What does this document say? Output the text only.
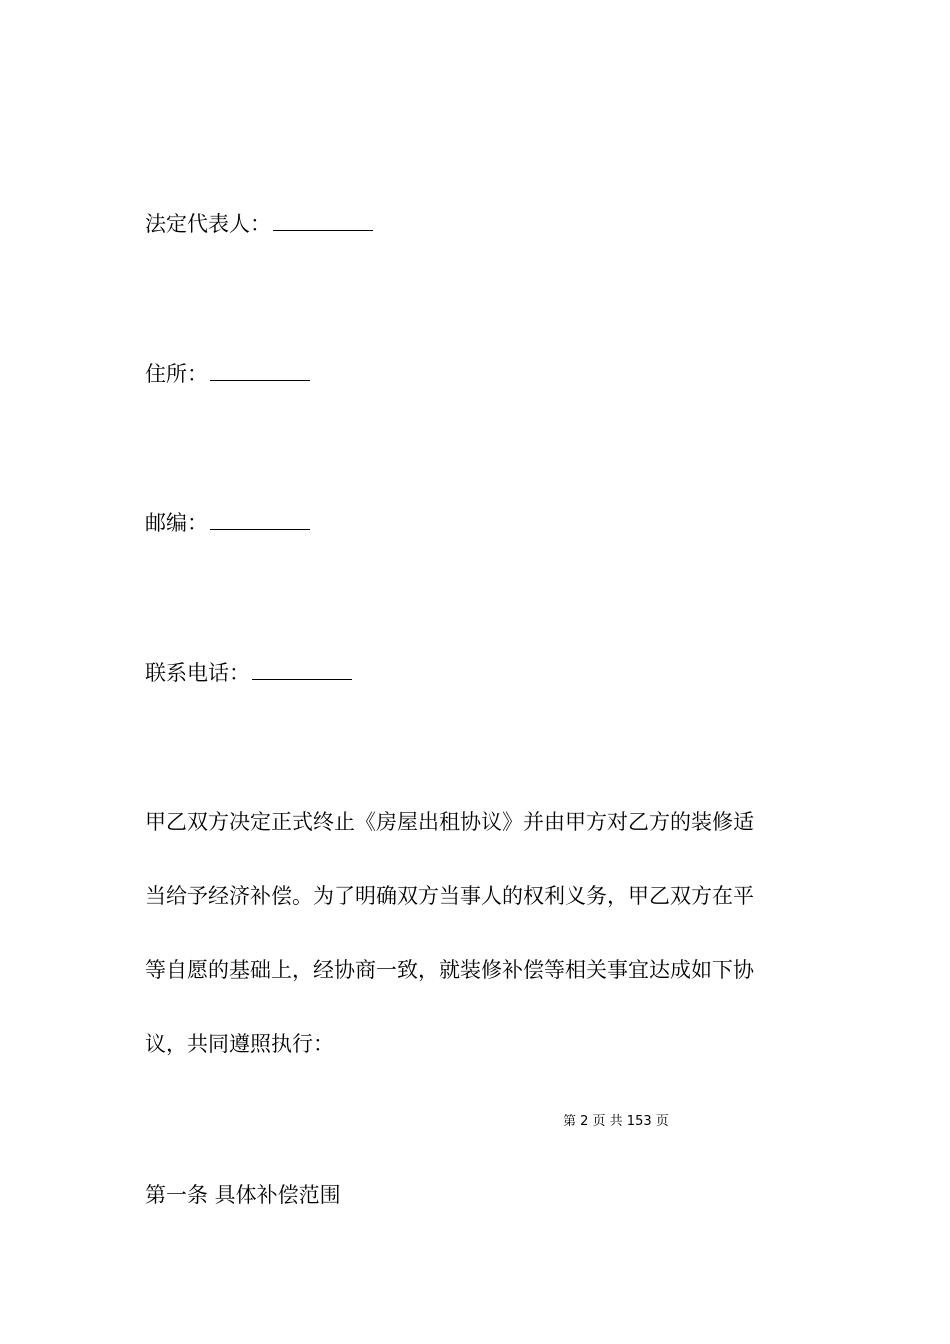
法定代表人：
住所：
邮编：
联系电话：
甲乙双方决定正式终止《房屋出租协议》并由甲方对乙方的装修适
当给予经济补偿。为了明确双方当事人的权利义务，甲乙双方在平
等自愿的基础上，经协商一致，就装修补偿等相关事宜达成如下协
议，共同遵照执行：
第 2 页 共 153 页
第一条 具体补偿范围
